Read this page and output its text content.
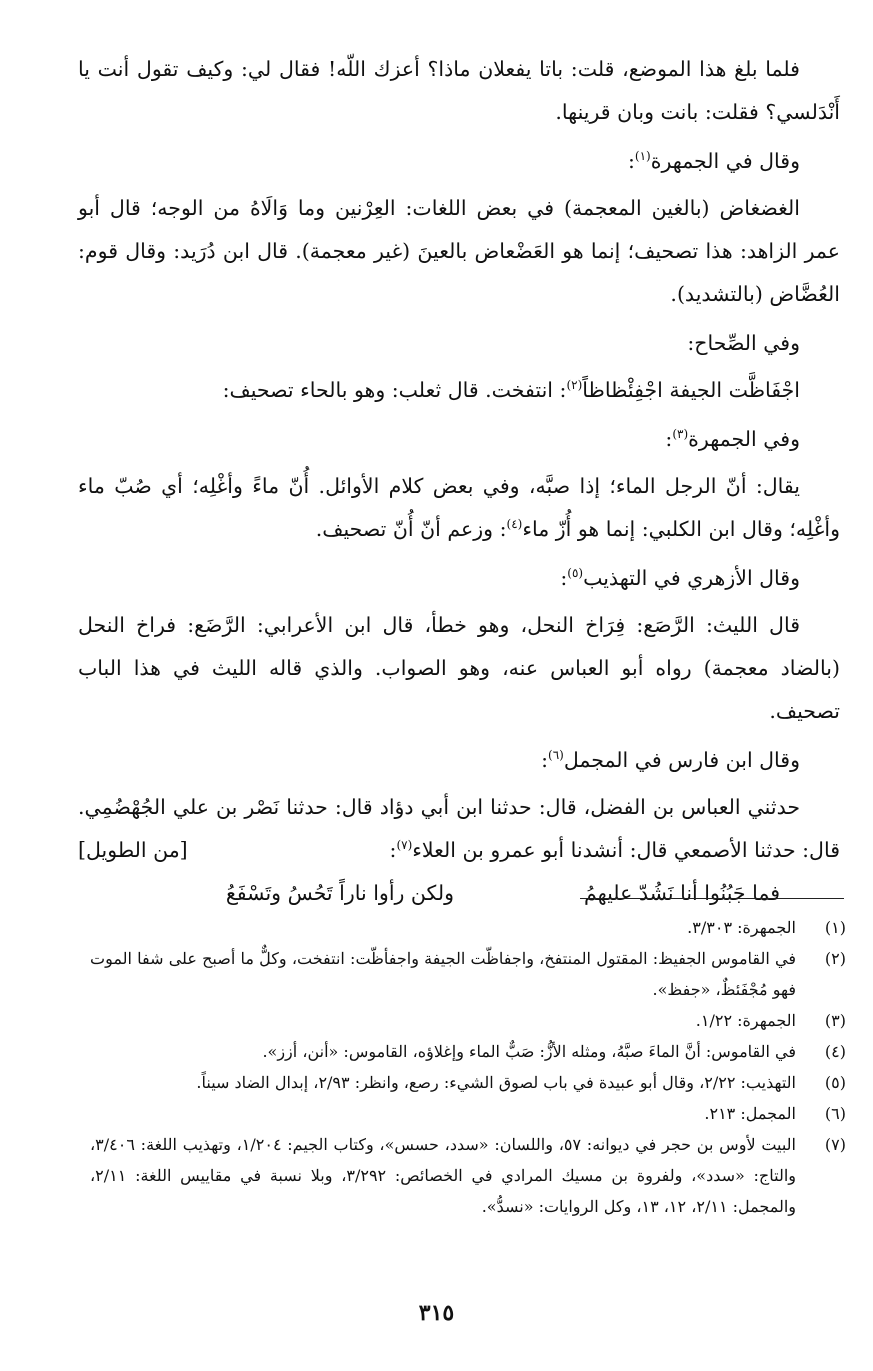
فلما بلغ هذا الموضع، قلت: باتا يفعلان ماذا؟ أعزك اللّه! فقال لي: وكيف تقول أنت يا أَنْدَلسي؟ فقلت: بانت وبان قرينها.

وقال في الجمهرة$^{(١)}$:

الغضغاض (بالغين المعجمة) في بعض اللغات: العِرْنين وما وَالَاهُ من الوجه؛ قال أبو عمر الزاهد: هذا تصحيف؛ إنما هو العَضْعاض بالعينَ (غير معجمة). قال ابن دُرَيد: وقال قوم: العُضَّاض (بالتشديد).

وفي الصِّحاح:

اجْفَاظَّت الجيفة اجْفِئْظاظاً$^{(٢)}$: انتفخت. قال ثعلب: وهو بالحاء تصحيف:

وفي الجمهرة$^{(٣)}$:

يقال: أنّ الرجل الماء؛ إذا صبَّه، وفي بعض كلام الأوائل. أُنّ ماءً وأغْلِه؛ أي صُبّ ماء وأغْلِه؛ وقال ابن الكلبي: إنما هو أُزّ ماء$^{(٤)}$: وزعم أنّ أُنّ تصحيف.

وقال الأزهري في التهذيب$^{(٥)}$:

قال الليث: الرَّصَع: فِرَاخ النحل، وهو خطأ، قال ابن الأعرابي: الرَّضَع: فراخ النحل (بالضاد معجمة) رواه أبو العباس عنه، وهو الصواب. والذي قاله الليث في هذا الباب تصحيف.

وقال ابن فارس في المجمل$^{(٦)}$:

حدثني العباس بن الفضل، قال: حدثنا ابن أبي دؤاد قال: حدثنا نَصْر بن علي الجُهْضُمِي. قال: حدثنا الأصمعي قال: أنشدنا أبو عمرو بن العلاء$^{(٧)}$:
[من الطويل]

فما جَبُنُوا أنا نَشُدّ عليهمُ
ولكن رأوا ناراً تَحُسُ وتَسْفَعُ
(١)
الجمهرة: ٣/٣٠٣.
(٢)
في القاموس الجفيظ: المقتول المنتفخ، واجفاظّت الجيفة واجفأظّت: انتفخت، وكلٌّ ما أصبح على شفا الموت فهو مُجْفَئظٌ، «جفظ».
(٣)
الجمهرة: ١/٢٢.
(٤)
في القاموس: أنَّ الماءَ صبَّهُ، ومثله الأزُّ: صَبٌّ الماء وإغلاؤه، القاموس: «أنن، أزز».
(٥)
التهذيب: ٢/٢٢، وقال أبو عبيدة في باب لصوق الشيء: رصع، وانظر: ٢/٩٣، إبدال الضاد سيناً.
(٦)
المجمل: ٢١٣.
(٧)
البيت لأوس بن حجر في ديوانه: ٥٧، واللسان: «سدد، حسس»، وكتاب الجيم: ١/٢٠٤، وتهذيب اللغة: ٣/٤٠٦، والتاج: «سدد»، ولفروة بن مسيك المرادي في الخصائص: ٣/٢٩٢، وبلا نسبة في مقاييس اللغة: ٢/١١، والمجمل: ٢/١١، ١٢، ١٣، وكل الروايات: «نسدُّ».
٣١٥
